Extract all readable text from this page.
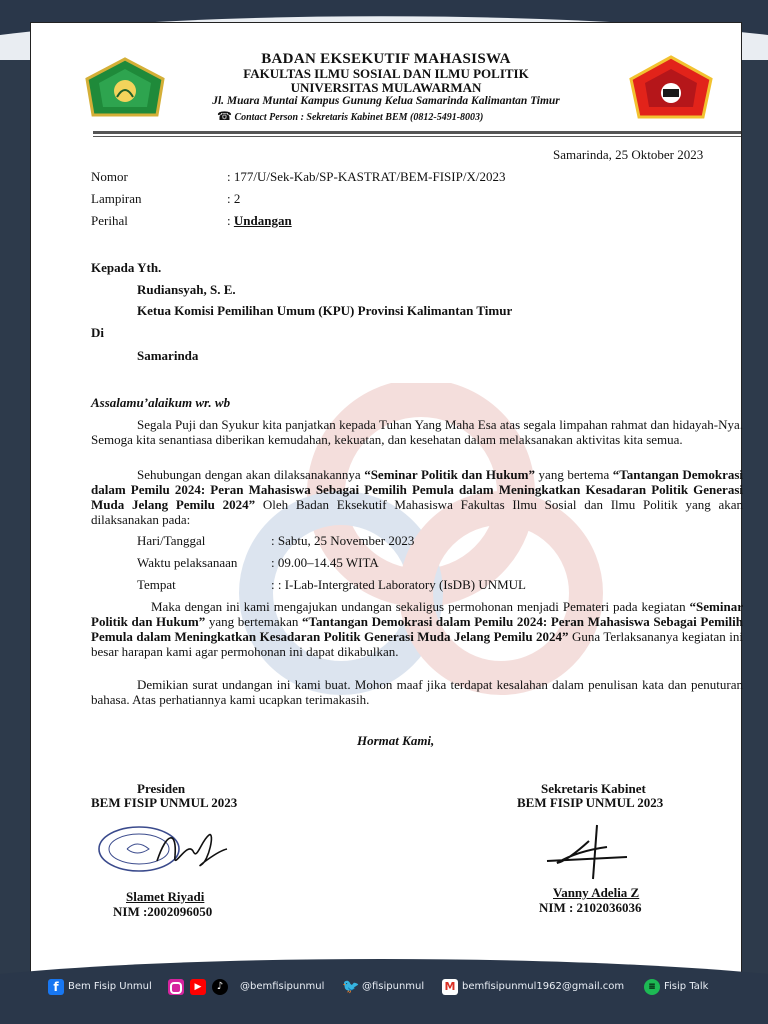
BADAN EKSEKUTIF MAHASISWA
FAKULTAS ILMU SOSIAL DAN ILMU POLITIK
UNIVERSITAS MULAWARMAN
Jl. Muara Muntai Kampus Gunung Kelua Samarinda Kalimantan Timur
☎ Contact Person : Sekretaris Kabinet BEM (0812-5491-8003)
Samarinda, 25 Oktober 2023
Nomor	: 177/U/Sek-Kab/SP-KASTRAT/BEM-FISIP/X/2023
Lampiran	: 2
Perihal	: Undangan
Kepada Yth.
Rudiansyah, S. E.
Ketua Komisi Pemilihan Umum (KPU) Provinsi Kalimantan Timur
Di
Samarinda
Assalamu’alaikum wr. wb
Segala Puji dan Syukur kita panjatkan kepada Tuhan Yang Maha Esa atas segala limpahan rahmat dan hidayah-Nya. Semoga kita senantiasa diberikan kemudahan, kekuatan, dan kesehatan dalam melaksanakan aktivitas kita semua.
Sehubungan dengan akan dilaksanakannya “Seminar Politik dan Hukum” yang bertema “Tantangan Demokrasi dalam Pemilu 2024: Peran Mahasiswa Sebagai Pemilih Pemula dalam Meningkatkan Kesadaran Politik Generasi Muda Jelang Pemilu 2024” Oleh Badan Eksekutif Mahasiswa Fakultas Ilmu Sosial dan Ilmu Politik yang akan dilaksanakan pada:
Hari/Tanggal	: Sabtu, 25 November 2023
Waktu pelaksanaan	: 09.00–14.45 WITA
Tempat	: : I-Lab-Intergrated Laboratory (IsDB) UNMUL
Maka dengan ini kami mengajukan undangan sekaligus permohonan menjadi Pemateri pada kegiatan “Seminar Politik dan Hukum” yang bertemakan “Tantangan Demokrasi dalam Pemilu 2024: Peran Mahasiswa Sebagai Pemilih Pemula dalam Meningkatkan Kesadaran Politik Generasi Muda Jelang Pemilu 2024” Guna Terlaksananya kegiatan ini besar harapan kami agar permohonan ini dapat dikabulkan.
Demikian surat undangan ini kami buat. Mohon maaf jika terdapat kesalahan dalam penulisan kata dan penuturan bahasa. Atas perhatiannya kami ucapkan terimakasih.
Hormat Kami,
Presiden
BEM FISIP UNMUL 2023
Slamet Riyadi
NIM :2002096050
Sekretaris Kabinet
BEM FISIP UNMUL 2023
Vanny Adelia Z
NIM : 2102036036
f Bem Fisip Unmul	▶	♪	@bemfisipunmul 🐦 @fisipunmul M bemfisipunmul1962@gmail.com	≡ Fisip Talk
